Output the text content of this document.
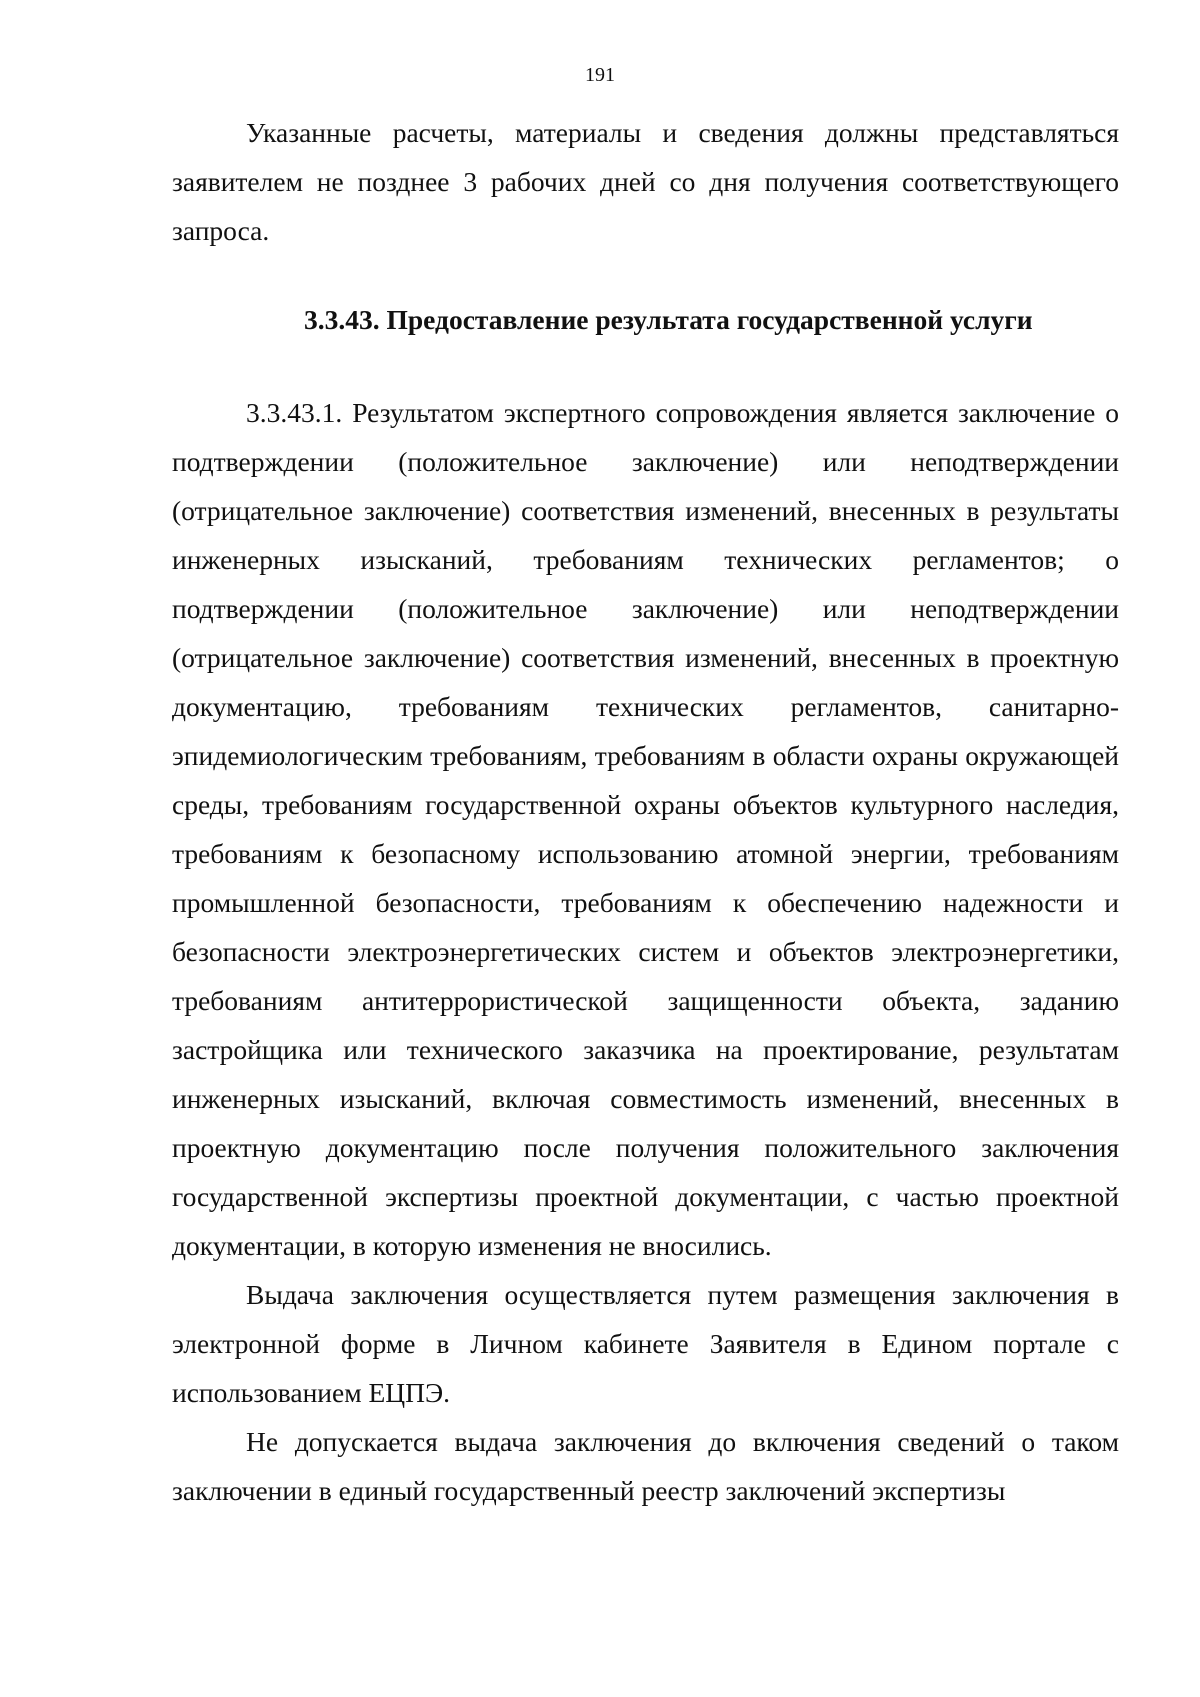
191

Указанные расчеты, материалы и сведения должны представляться заявителем не позднее 3 рабочих дней со дня получения соответствующего запроса.

3.3.43. Предоставление результата государственной услуги

3.3.43.1. Результатом экспертного сопровождения является заключение о подтверждении (положительное заключение) или неподтверждении (отрицательное заключение) соответствия изменений, внесенных в результаты инженерных изысканий, требованиям технических регламентов; о подтверждении (положительное заключение) или неподтверждении (отрицательное заключение) соответствия изменений, внесенных в проектную документацию, требованиям технических регламентов, санитарно-эпидемиологическим требованиям, требованиям в области охраны окружающей среды, требованиям государственной охраны объектов культурного наследия, требованиям к безопасному использованию атомной энергии, требованиям промышленной безопасности, требованиям к обеспечению надежности и безопасности электроэнергетических систем и объектов электроэнергетики, требованиям антитеррористической защищенности объекта, заданию застройщика или технического заказчика на проектирование, результатам инженерных изысканий, включая совместимость изменений, внесенных в проектную документацию после получения положительного заключения государственной экспертизы проектной документации, с частью проектной документации, в которую изменения не вносились.

Выдача заключения осуществляется путем размещения заключения в электронной форме в Личном кабинете Заявителя в Едином портале с использованием ЕЦПЭ.

Не допускается выдача заключения до включения сведений о таком заключении в единый государственный реестр заключений экспертизы
